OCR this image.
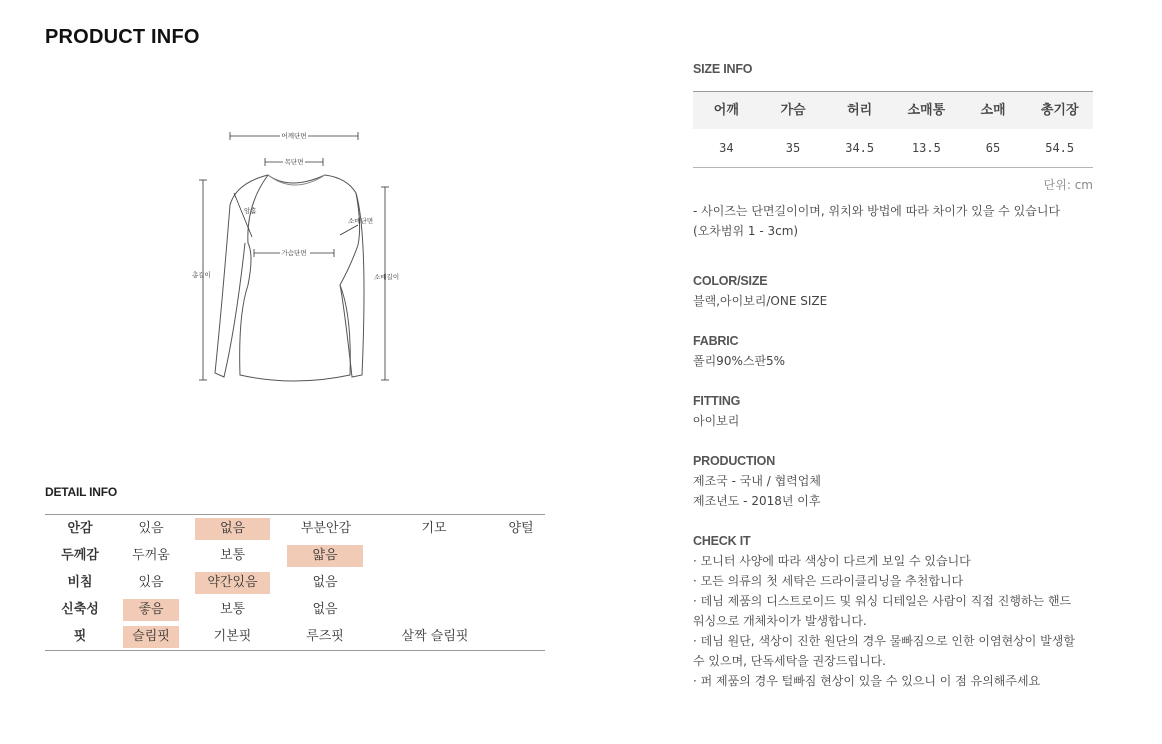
PRODUCT INFO
어깨단면
목단면
가슴단면
암홀
소매단면
총길이	소매길이
DETAIL INFO
안감	있음	없음	부분안감	기모	양털
두께감	두꺼움	보통	얇음
비침	있음	약간있음	없음
신축성	좋음	보통	없음
핏	슬림핏	기본핏	루즈핏	살짝 슬림핏
SIZE INFO
어깨	가슴	허리	소매통	소매	총기장
34	35	34.5	13.5	65	54.5
단위: cm
- 사이즈는 단면길이이며, 위치와 방법에 따라 차이가 있을 수 있습니다
(오차범위 1 - 3cm)
COLOR/SIZE
블랙,아이보리/ONE SIZE
FABRIC
폴리90%스판5%
FITTING
아이보리
PRODUCTION
제조국 - 국내 / 협력업체
제조년도 - 2018년 이후
CHECK IT
· 모니터 사양에 따라 색상이 다르게 보일 수 있습니다
· 모든 의류의 첫 세탁은 드라이클리닝을 추천합니다
· 데님 제품의 디스트로이드 및 워싱 디테일은 사람이 직접 진행하는 핸드
워싱으로 개체차이가 발생합니다.
· 데님 원단, 색상이 진한 원단의 경우 물빠짐으로 인한 이염현상이 발생할
수 있으며, 단독세탁을 권장드립니다.
· 퍼 제품의 경우 털빠짐 현상이 있을 수 있으니 이 점 유의해주세요
